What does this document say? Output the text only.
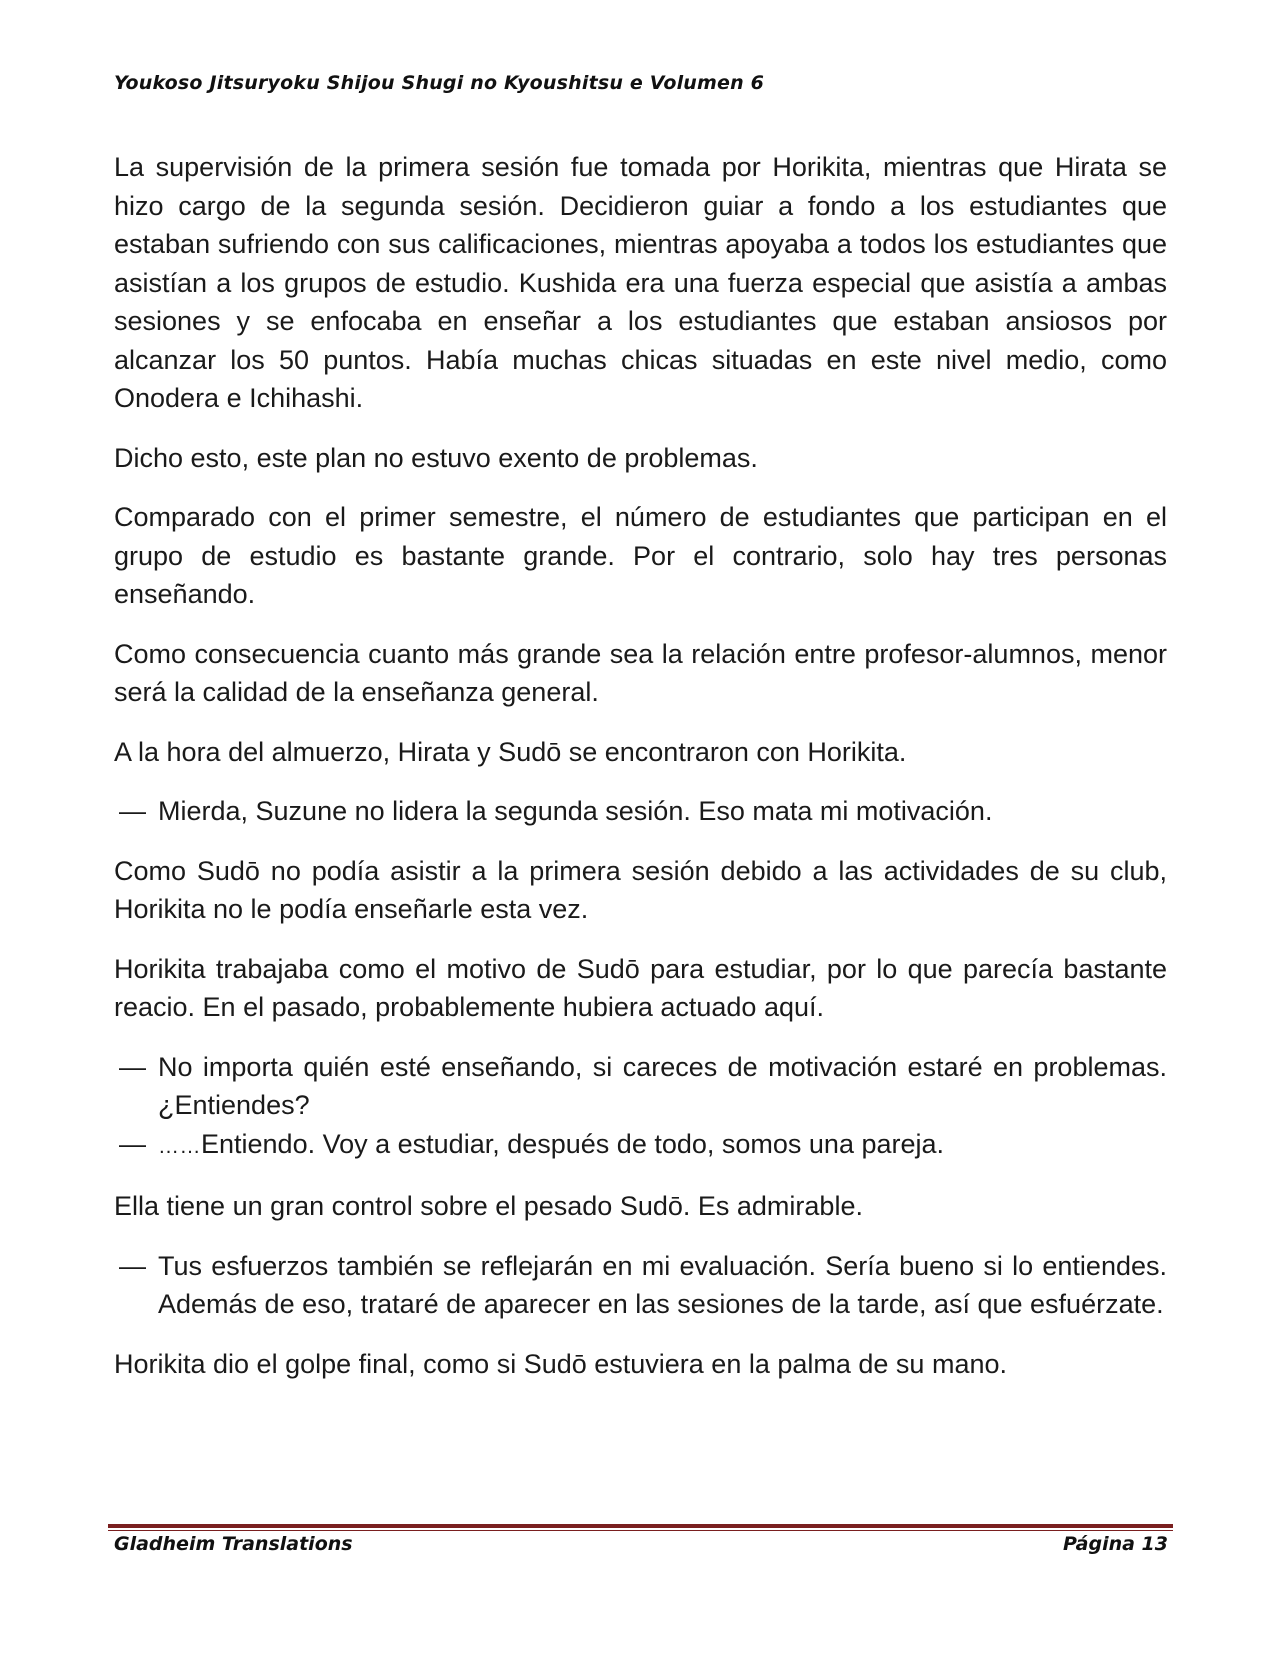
Youkoso Jitsuryoku Shijou Shugi no Kyoushitsu e Volumen 6

La supervisión de la primera sesión fue tomada por Horikita, mientras que Hirata se hizo cargo de la segunda sesión. Decidieron guiar a fondo a los estudiantes que estaban sufriendo con sus calificaciones, mientras apoyaba a todos los estudiantes que asistían a los grupos de estudio. Kushida era una fuerza especial que asistía a ambas sesiones y se enfocaba en enseñar a los estudiantes que estaban ansiosos por alcanzar los 50 puntos. Había muchas chicas situadas en este nivel medio, como Onodera e Ichihashi.

Dicho esto, este plan no estuvo exento de problemas.

Comparado con el primer semestre, el número de estudiantes que participan en el grupo de estudio es bastante grande. Por el contrario, solo hay tres personas enseñando.

Como consecuencia cuanto más grande sea la relación entre profesor-alumnos, menor será la calidad de la enseñanza general.

A la hora del almuerzo, Hirata y Sudō se encontraron con Horikita.

— Mierda, Suzune no lidera la segunda sesión. Eso mata mi motivación.

Como Sudō no podía asistir a la primera sesión debido a las actividades de su club, Horikita no le podía enseñarle esta vez.

Horikita trabajaba como el motivo de Sudō para estudiar, por lo que parecía bastante reacio. En el pasado, probablemente hubiera actuado aquí.

— No importa quién esté enseñando, si careces de motivación estaré en problemas. ¿Entiendes?
— ……Entiendo. Voy a estudiar, después de todo, somos una pareja.

Ella tiene un gran control sobre el pesado Sudō. Es admirable.

— Tus esfuerzos también se reflejarán en mi evaluación. Sería bueno si lo entiendes. Además de eso, trataré de aparecer en las sesiones de la tarde, así que esfuérzate.

Horikita dio el golpe final, como si Sudō estuviera en la palma de su mano.

Gladheim Translations	Página 13
